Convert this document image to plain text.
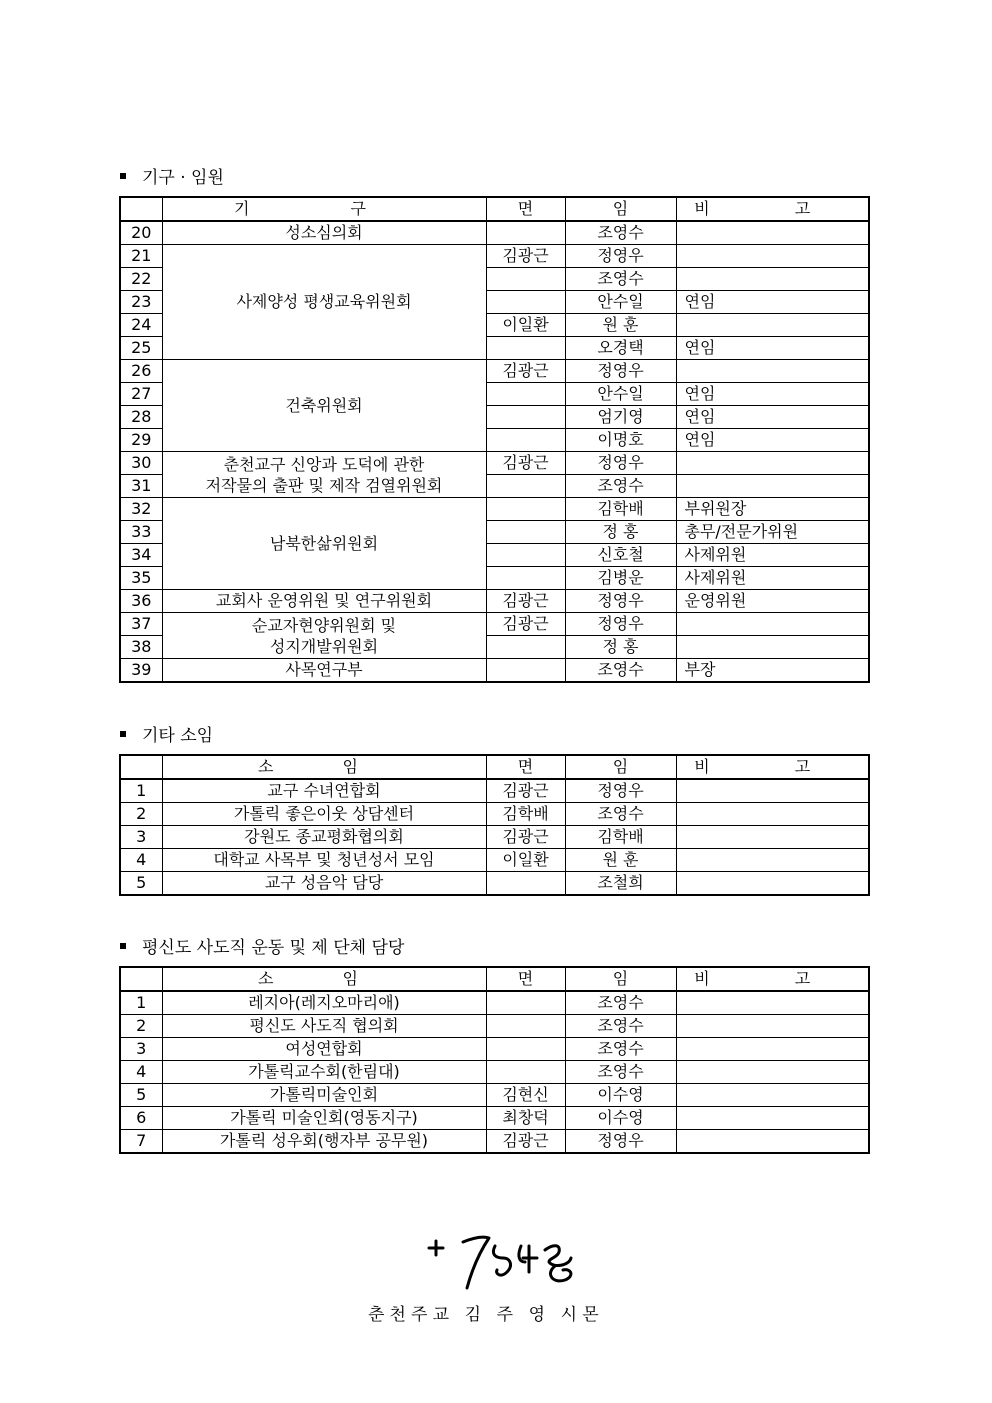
기구 · 임원
	기 구	면	임	비 고
20	성소심의회		조영수	
21	사제양성 평생교육위원회	김광근	정영우	
22			조영수	
23			안수일	연임
24		이일환	원 훈	
25			오경택	연임
26	건축위원회	김광근	정영우	
27			안수일	연임
28			엄기영	연임
29			이명호	연임
30	춘천교구 신앙과 도덕에 관한
저작물의 출판 및 제작 검열위원회	김광근	정영우	
31			조영수	
32	남북한삶위원회		김학배	부위원장
33			정 홍	총무/전문가위원
34			신호철	사제위원
35			김병운	사제위원
36	교회사 운영위원 및 연구위원회	김광근	정영우	운영위원
37	순교자현양위원회 및
성지개발위원회	김광근	정영우	
38			정 홍	
39	사목연구부		조영수	부장
기타 소임
	소 임	면	임	비 고
1	교구 수녀연합회	김광근	정영우	
2	가톨릭 좋은이웃 상담센터	김학배	조영수	
3	강원도 종교평화협의회	김광근	김학배	
4	대학교 사목부 및 청년성서 모임	이일환	원 훈	
5	교구 성음악 담당		조철희	
평신도 사도직 운동 및 제 단체 담당
	소 임	면	임	비 고
1	레지아(레지오마리애)		조영수	
2	평신도 사도직 협의회		조영수	
3	여성연합회		조영수	
4	가톨릭교수회(한림대)		조영수	
5	가톨릭미술인회	김현신	이수영	
6	가톨릭 미술인회(영동지구)	최창덕	이수영	
7	가톨릭 성우회(행자부 공무원)	김광근	정영우	
춘천주교 김 주 영 시몬
